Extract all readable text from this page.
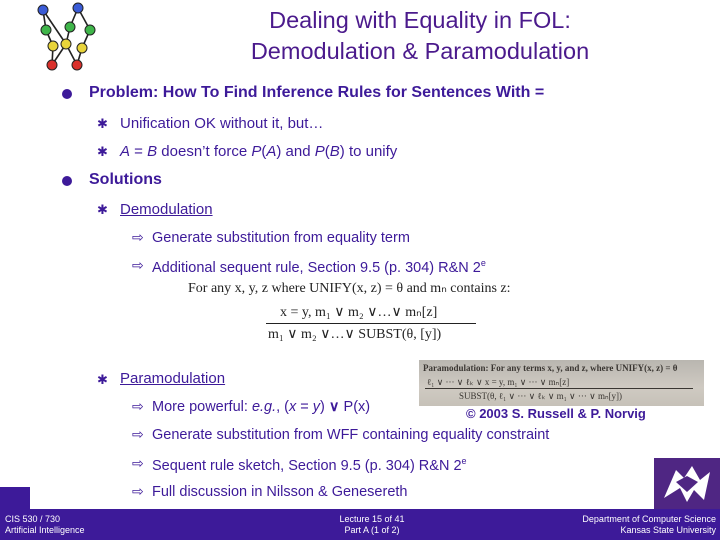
Dealing with Equality in FOL:
Demodulation & Paramodulation
Problem: How To Find Inference Rules for Sentences With =
✱ Unification OK without it, but…
✱ A = B doesn’t force P(A) and P(B) to unify
Solutions
✱ Demodulation
⇨ Generate substitution from equality term
⇨ Additional sequent rule, Section 9.5 (p. 304) R&N 2e
For any x, y, z where UNIFY(x, z) = θ and mₙ contains z:
x = y, m₁ ∨ m₂ ∨…∨ mₙ[z]
m₁ ∨ m₂ ∨…∨ SUBST(θ, [y])
✱ Paramodulation
Paramodulation: For any terms x, y, and z, where UNIFY(x, z) = θ
ℓ₁ ∨ ··· ∨ ℓₖ ∨ x = y, m₁ ∨ ··· ∨ mₙ[z]
SUBST(θ, ℓ₁ ∨ ··· ∨ ℓₖ ∨ m₁ ∨ ··· ∨ mₙ[y])
⇨ More powerful: e.g., (x = y) ∨ P(x)	© 2003 S. Russell & P. Norvig
⇨ Generate substitution from WFF containing equality constraint
⇨ Sequent rule sketch, Section 9.5 (p. 304) R&N 2e
⇨ Full discussion in Nilsson & Genesereth
CIS 530 / 730
Artificial Intelligence
Lecture 15 of 41
Part A (1 of 2)
Department of Computer Science
Kansas State University
